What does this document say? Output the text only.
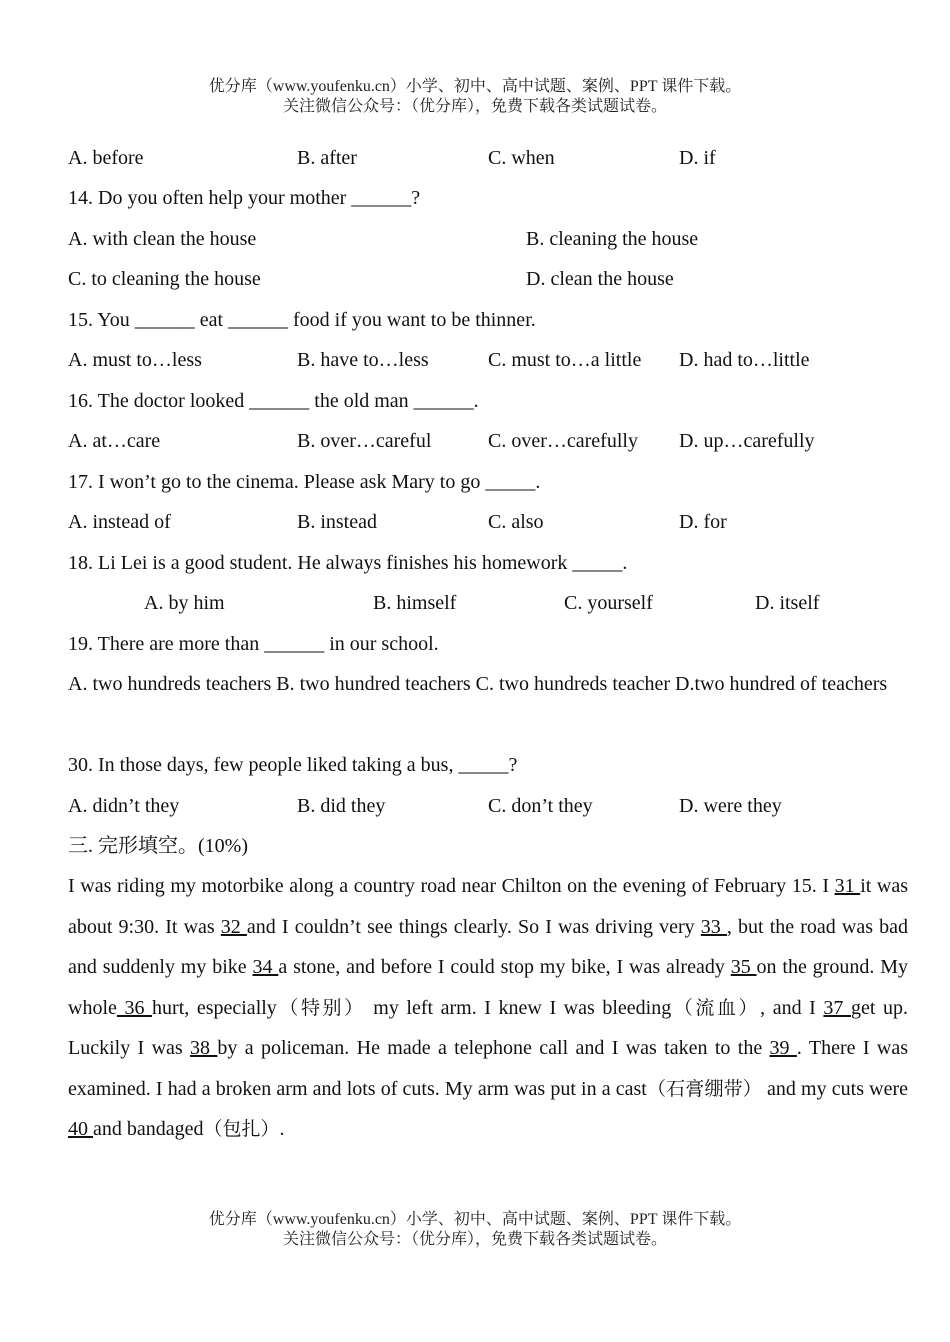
优分库（www.youfenku.cn）小学、初中、高中试题、案例、PPT 课件下载。
关注微信公众号：（优分库），免费下载各类试题试卷。
A. before	B. after	C. when	D. if
14. Do you often help your mother ______?
A. with clean the house	B. cleaning the house
C. to cleaning the house	D. clean the house
15. You ______ eat ______ food if you want to be thinner.
A. must to…less	B. have to…less	C. must to…a little D. had to…little
16. The doctor looked ______ the old man ______.
A. at…care	B. over…careful	C. over…carefully D. up…carefully
17. I won’t go to the cinema. Please ask Mary to go _____.
A. instead of	B. instead	C. also	D. for
18. Li Lei is a good student. He always finishes his homework _____.
A. by him	B. himself	C. yourself	D. itself
19. There are more than ______ in our school.
A. two hundreds teachers B. two hundred teachers C. two hundreds teacher D.two hundred of teachers
30. In those days, few people liked taking a bus, _____?
A. didn’t they	B. did they	C. don’t they	D. were they
三. 完形填空。(10%)
I was riding my motorbike along a country road near Chilton on the evening of February 15. I 31 it was about 9:30. It was 32 and I couldn’t see things clearly. So I was driving very 33 , but the road was bad and suddenly my bike 34 a stone, and before I could stop my bike, I was already 35 on the ground. My whole 36 hurt, especially（特别） my left arm. I knew I was bleeding（流血）, and I 37 get up. Luckily I was 38 by a policeman. He made a telephone call and I was taken to the 39 . There I was examined. I had a broken arm and lots of cuts. My arm was put in a cast（石膏绷带） and my cuts were 40 and bandaged（包扎）.
优分库（www.youfenku.cn）小学、初中、高中试题、案例、PPT 课件下载。
关注微信公众号：（优分库），免费下载各类试题试卷。
